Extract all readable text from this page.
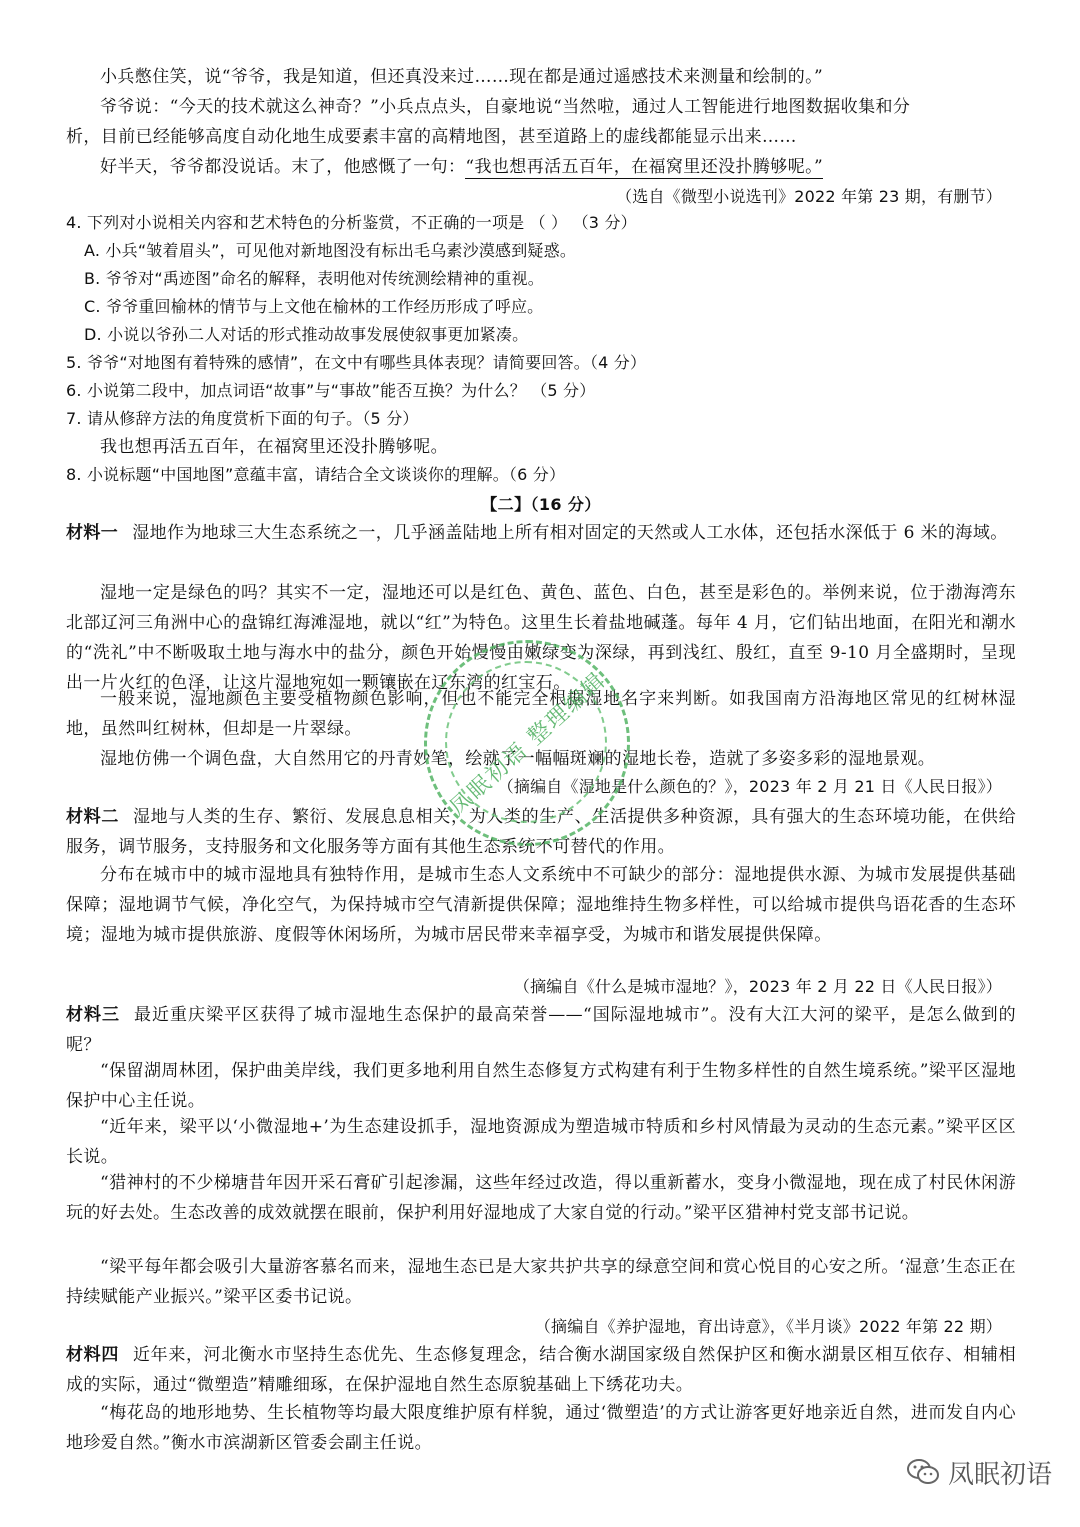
小兵憋住笑，说“爷爷，我是知道，但还真没来过……现在都是通过遥感技术来测量和绘制的。”
爷爷说：“今天的技术就这么神奇？”小兵点点头，自豪地说“当然啦，通过人工智能进行地图数据收集和分
析，目前已经能够高度自动化地生成要素丰富的高精地图，甚至道路上的虚线都能显示出来……
好半天，爷爷都没说话。末了，他感慨了一句：“我也想再活五百年，在福窝里还没扑腾够呢。”
（选自《微型小说选刊》2022 年第 23 期，有删节）
4. 下列对小说相关内容和艺术特色的分析鉴赏，不正确的一项是 （ ） （3 分）
A. 小兵“皱着眉头”，可见他对新地图没有标出毛乌素沙漠感到疑惑。
B. 爷爷对“禹迹图”命名的解释，表明他对传统测绘精神的重视。
C. 爷爷重回榆林的情节与上文他在榆林的工作经历形成了呼应。
D. 小说以爷孙二人对话的形式推动故事发展使叙事更加紧凑。
5. 爷爷“对地图有着特殊的感情”，在文中有哪些具体表现？请简要回答。（4 分）
6. 小说第二段中，加点词语“故事”与“事故”能否互换？为什么？ （5 分）
7. 请从修辞方法的角度赏析下面的句子。（5 分）
我也想再活五百年，在福窝里还没扑腾够呢。
8. 小说标题“中国地图”意蕴丰富，请结合全文谈谈你的理解。（6 分）
【二】（16 分）
材料一 湿地作为地球三大生态系统之一，几乎涵盖陆地上所有相对固定的天然或人工水体，还包括水深低于 6 米的海域。
湿地一定是绿色的吗？其实不一定，湿地还可以是红色、黄色、蓝色、白色，甚至是彩色的。举例来说，位于渤海湾东北部辽河三角洲中心的盘锦红海滩湿地，就以“红”为特色。这里生长着盐地碱蓬。每年 4 月，它们钻出地面，在阳光和潮水的“洗礼”中不断吸取土地与海水中的盐分，颜色开始慢慢由嫩绿变为深绿，再到浅红、殷红，直至 9-10 月全盛期时，呈现出一片火红的色泽，让这片湿地宛如一颗镶嵌在辽东湾的红宝石。
一般来说，湿地颜色主要受植物颜色影响，但也不能完全根据湿地名字来判断。如我国南方沿海地区常见的红树林湿地，虽然叫红树林，但却是一片翠绿。
湿地仿佛一个调色盘，大自然用它的丹青妙笔，绘就了一幅幅斑斓的湿地长卷，造就了多姿多彩的湿地景观。
（摘编自《湿地是什么颜色的？》，2023 年 2 月 21 日《人民日报》）
材料二 湿地与人类的生存、繁衍、发展息息相关，为人类的生产、生活提供多种资源，具有强大的生态环境功能，在供给服务，调节服务，支持服务和文化服务等方面有其他生态系统不可替代的作用。
分布在城市中的城市湿地具有独特作用，是城市生态人文系统中不可缺少的部分：湿地提供水源、为城市发展提供基础保障；湿地调节气候，净化空气，为保持城市空气清新提供保障；湿地维持生物多样性，可以给城市提供鸟语花香的生态环境；湿地为城市提供旅游、度假等休闲场所，为城市居民带来幸福享受，为城市和谐发展提供保障。
（摘编自《什么是城市湿地？》，2023 年 2 月 22 日《人民日报》）
材料三 最近重庆梁平区获得了城市湿地生态保护的最高荣誉——“国际湿地城市”。没有大江大河的梁平，是怎么做到的呢？
“保留湖周林团，保护曲美岸线，我们更多地利用自然生态修复方式构建有利于生物多样性的自然生境系统。”梁平区湿地保护中心主任说。
“近年来，梁平以‘小微湿地+’为生态建设抓手，湿地资源成为塑造城市特质和乡村风情最为灵动的生态元素。”梁平区区长说。
“猎神村的不少梯塘昔年因开采石膏矿引起渗漏，这些年经过改造，得以重新蓄水，变身小微湿地，现在成了村民休闲游玩的好去处。生态改善的成效就摆在眼前，保护利用好湿地成了大家自觉的行动。”梁平区猎神村党支部书记说。
“梁平每年都会吸引大量游客慕名而来，湿地生态已是大家共护共享的绿意空间和赏心悦目的心安之所。‘湿意’生态正在持续赋能产业振兴。”梁平区委书记说。
（摘编自《养护湿地，育出诗意》，《半月谈》2022 年第 22 期）
材料四 近年来，河北衡水市坚持生态优先、生态修复理念，结合衡水湖国家级自然保护区和衡水湖景区相互依存、相辅相成的实际，通过“微塑造”精雕细琢，在保护湿地自然生态原貌基础上下绣花功夫。
“梅花岛的地形地势、生长植物等均最大限度维护原有样貌，通过‘微塑造’的方式让游客更好地亲近自然，进而发自内心地珍爱自然。”衡水市滨湖新区管委会副主任说。
凤眠初语 整理编辑
凤眠初语
